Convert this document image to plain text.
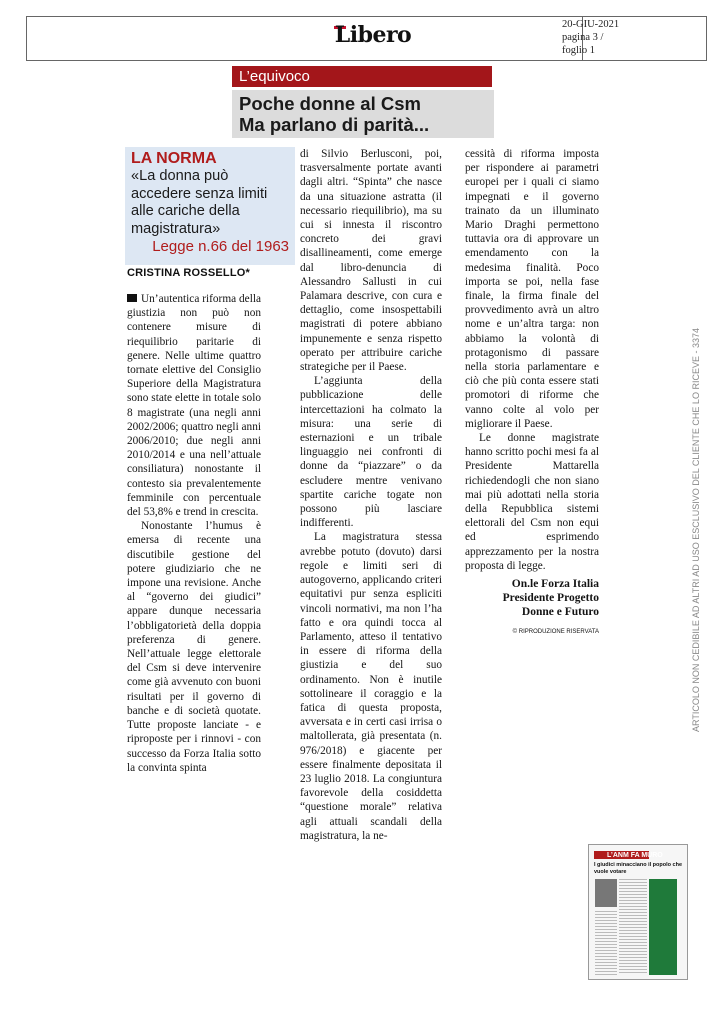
Libero	20-GIU-2021
pagina 3 /
foglio 1
L’equivoco
Poche donne al Csm
Ma parlano di parità...
LA NORMA
«La donna può accedere senza limiti alle cariche della magistratura»
Legge n.66 del 1963
CRISTINA ROSSELLO*

Un’autentica riforma della giustizia non può non contenere misure di riequilibrio paritarie di genere. Nelle ultime quattro tornate elettive del Consiglio Superiore della Magistratura sono state elette in totale solo 8 magistrate (una negli anni 2002/2006; quattro negli anni 2006/2010; due negli anni 2010/2014 e una nell’attuale consiliatura) nonostante il contesto sia prevalentemente femminile con percentuale del 53,8% e trend in crescita.

Nonostante l’humus è emersa di recente una discutibile gestione del potere giudiziario che ne impone una revisione. Anche al “governo dei giudici” appare dunque necessaria l’obbligatorietà della doppia preferenza di genere. Nell’attuale legge elettorale del Csm si deve intervenire come già avvenuto con buoni risultati per il governo di banche e di società quotate. Tutte proposte lanciate - e riproposte per i rinnovi - con successo da Forza Italia sotto la convinta spinta

di Silvio Berlusconi, poi, trasversalmente portate avanti dagli altri. “Spinta” che nasce da una situazione astratta (il necessario riequilibrio), ma su cui si innesta il riscontro concreto dei gravi disallineamenti, come emerge dal libro-denuncia di Alessandro Sallusti in cui Palamara descrive, con cura e dettaglio, come insospettabili magistrati di potere abbiano impunemente e senza rispetto operato per attribuire cariche strategiche per il Paese.

L’aggiunta della pubblicazione delle intercettazioni ha colmato la misura: una serie di esternazioni e un tribale linguaggio nei confronti di donne da “piazzare” o da escludere mentre venivano spartite cariche togate non possono più lasciare indifferenti.

La magistratura stessa avrebbe potuto (dovuto) darsi regole e limiti seri di autogoverno, applicando criteri equitativi pur senza espliciti vincoli normativi, ma non l’ha fatto e ora quindi tocca al Parlamento, atteso il tentativo in essere di riforma della giustizia e del suo ordinamento. Non è inutile sottolineare il coraggio e la fatica di questa proposta, avversata e in certi casi irrisa o maltollerata, già presentata (n. 976/2018) e giacente per essere finalmente depositata il 23 luglio 2018. La congiuntura favorevole della cosiddetta “questione morale” relativa agli attuali scandali della magistratura, la ne-

cessità di riforma imposta per rispondere ai parametri europei per i quali ci siamo impegnati e il governo trainato da un illuminato Mario Draghi permettono tuttavia ora di approvare un emendamento con la medesima finalità. Poco importa se poi, nella fase finale, la firma finale del provvedimento avrà un altro nome e un’altra targa: non abbiamo la volontà di protagonismo di passare nella storia parlamentare e ciò che più conta essere stati promotori di riforme che vanno colte al volo per migliorare il Paese.

Le donne magistrate hanno scritto pochi mesi fa al Presidente Mattarella richiedendogli che non siano mai più adottati nella storia della Repubblica sistemi elettorali del Csm non equi ed esprimendo apprezzamento per la nostra proposta di legge.

On.le Forza Italia
Presidente Progetto
Donne e Futuro
© RIPRODUZIONE RISERVATA	ARTICOLO NON CEDIBILE AD ALTRI AD USO ESCLUSIVO DEL CLIENTE CHE LO RICEVE - 3374
L’ANM FA MURO
I giudici minacciano il popolo che vuole votare
